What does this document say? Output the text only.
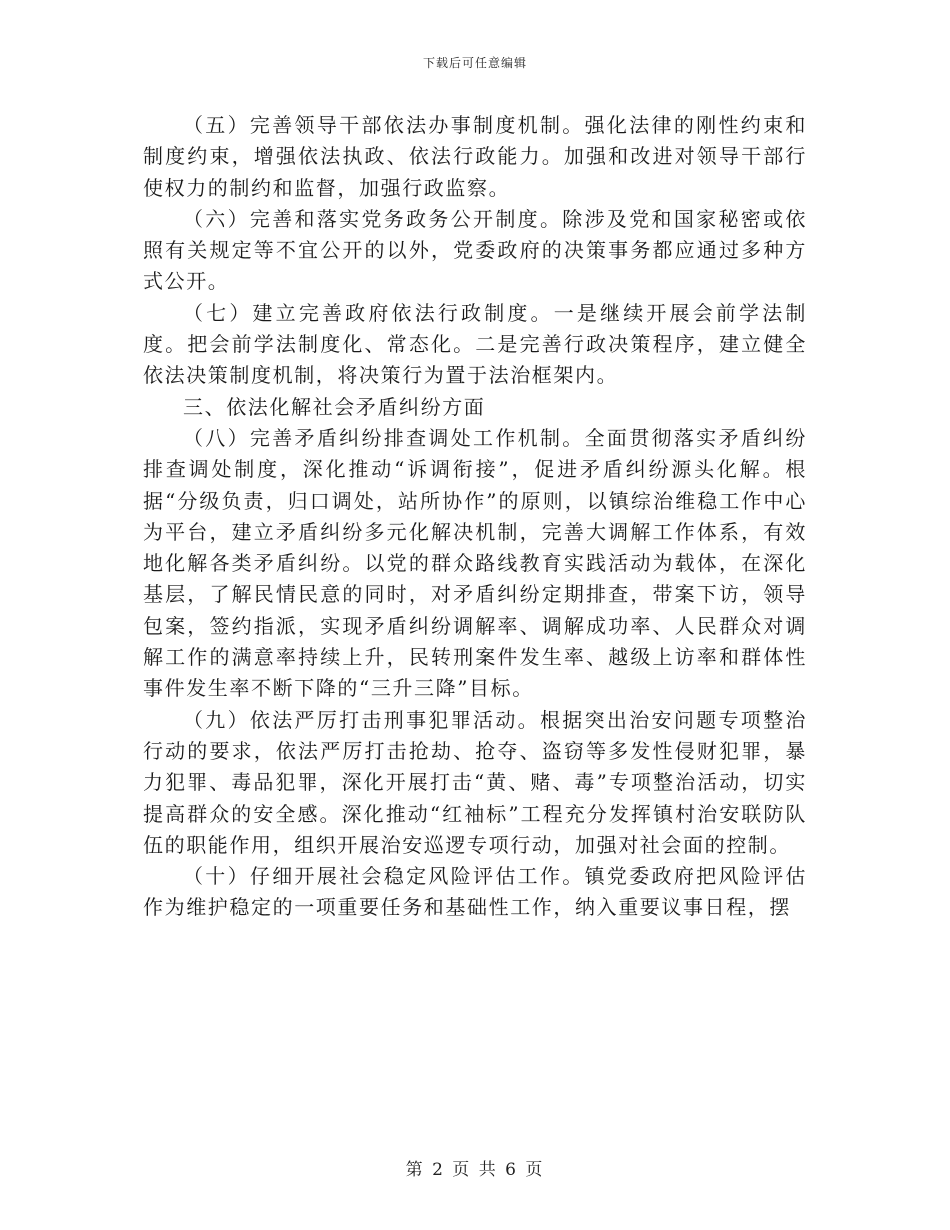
下载后可任意编辑

（五）完善领导干部依法办事制度机制。强化法律的刚性约束和制度约束，增强依法执政、依法行政能力。加强和改进对领导干部行使权力的制约和监督，加强行政监察。

（六）完善和落实党务政务公开制度。除涉及党和国家秘密或依照有关规定等不宜公开的以外，党委政府的决策事务都应通过多种方式公开。

（七）建立完善政府依法行政制度。一是继续开展会前学法制度。把会前学法制度化、常态化。二是完善行政决策程序，建立健全依法决策制度机制，将决策行为置于法治框架内。

三、依法化解社会矛盾纠纷方面

（八）完善矛盾纠纷排查调处工作机制。全面贯彻落实矛盾纠纷排查调处制度，深化推动“诉调衔接”，促进矛盾纠纷源头化解。根据“分级负责，归口调处，站所协作”的原则，以镇综治维稳工作中心为平台，建立矛盾纠纷多元化解决机制，完善大调解工作体系，有效地化解各类矛盾纠纷。以党的群众路线教育实践活动为载体，在深化基层，了解民情民意的同时，对矛盾纠纷定期排查，带案下访，领导包案，签约指派，实现矛盾纠纷调解率、调解成功率、人民群众对调解工作的满意率持续上升，民转刑案件发生率、越级上访率和群体性事件发生率不断下降的“三升三降”目标。

（九）依法严厉打击刑事犯罪活动。根据突出治安问题专项整治行动的要求，依法严厉打击抢劫、抢夺、盗窃等多发性侵财犯罪，暴力犯罪、毒品犯罪，深化开展打击“黄、赌、毒”专项整治活动，切实提高群众的安全感。深化推动“红袖标”工程充分发挥镇村治安联防队伍的职能作用，组织开展治安巡逻专项行动，加强对社会面的控制。

（十）仔细开展社会稳定风险评估工作。镇党委政府把风险评估作为维护稳定的一项重要任务和基础性工作，纳入重要议事日程，摆

第 2 页 共 6 页
